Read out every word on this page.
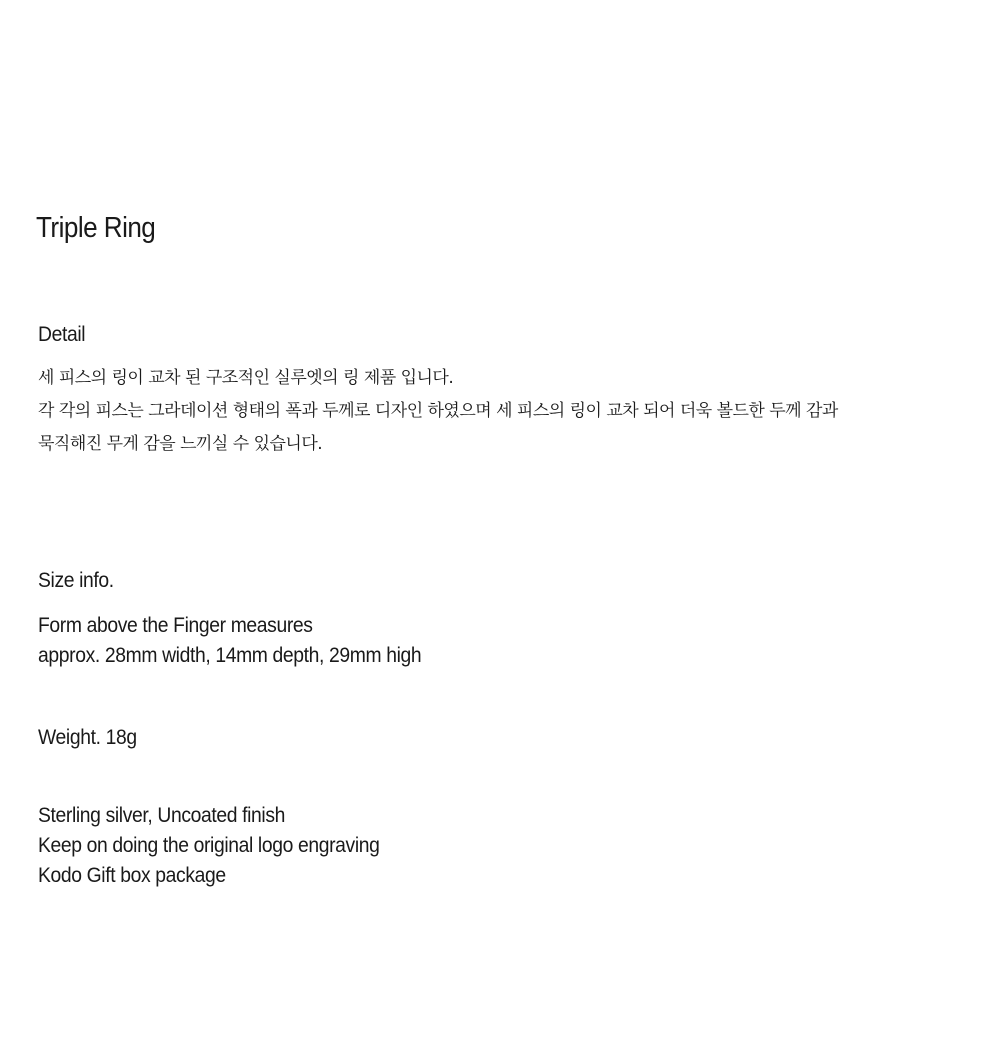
Triple Ring

Detail

세 피스의 링이 교차 된 구조적인 실루엣의 링 제품 입니다.

각 각의 피스는 그라데이션 형태의 폭과 두께로 디자인 하였으며 세 피스의 링이 교차 되어 더욱 볼드한 두께 감과

묵직해진 무게 감을 느끼실 수 있습니다.

Size info.

Form above the Finger measures

approx. 28mm width, 14mm depth, 29mm high

Weight. 18g

Sterling silver, Uncoated finish

Keep on doing the original logo engraving

Kodo Gift box package
